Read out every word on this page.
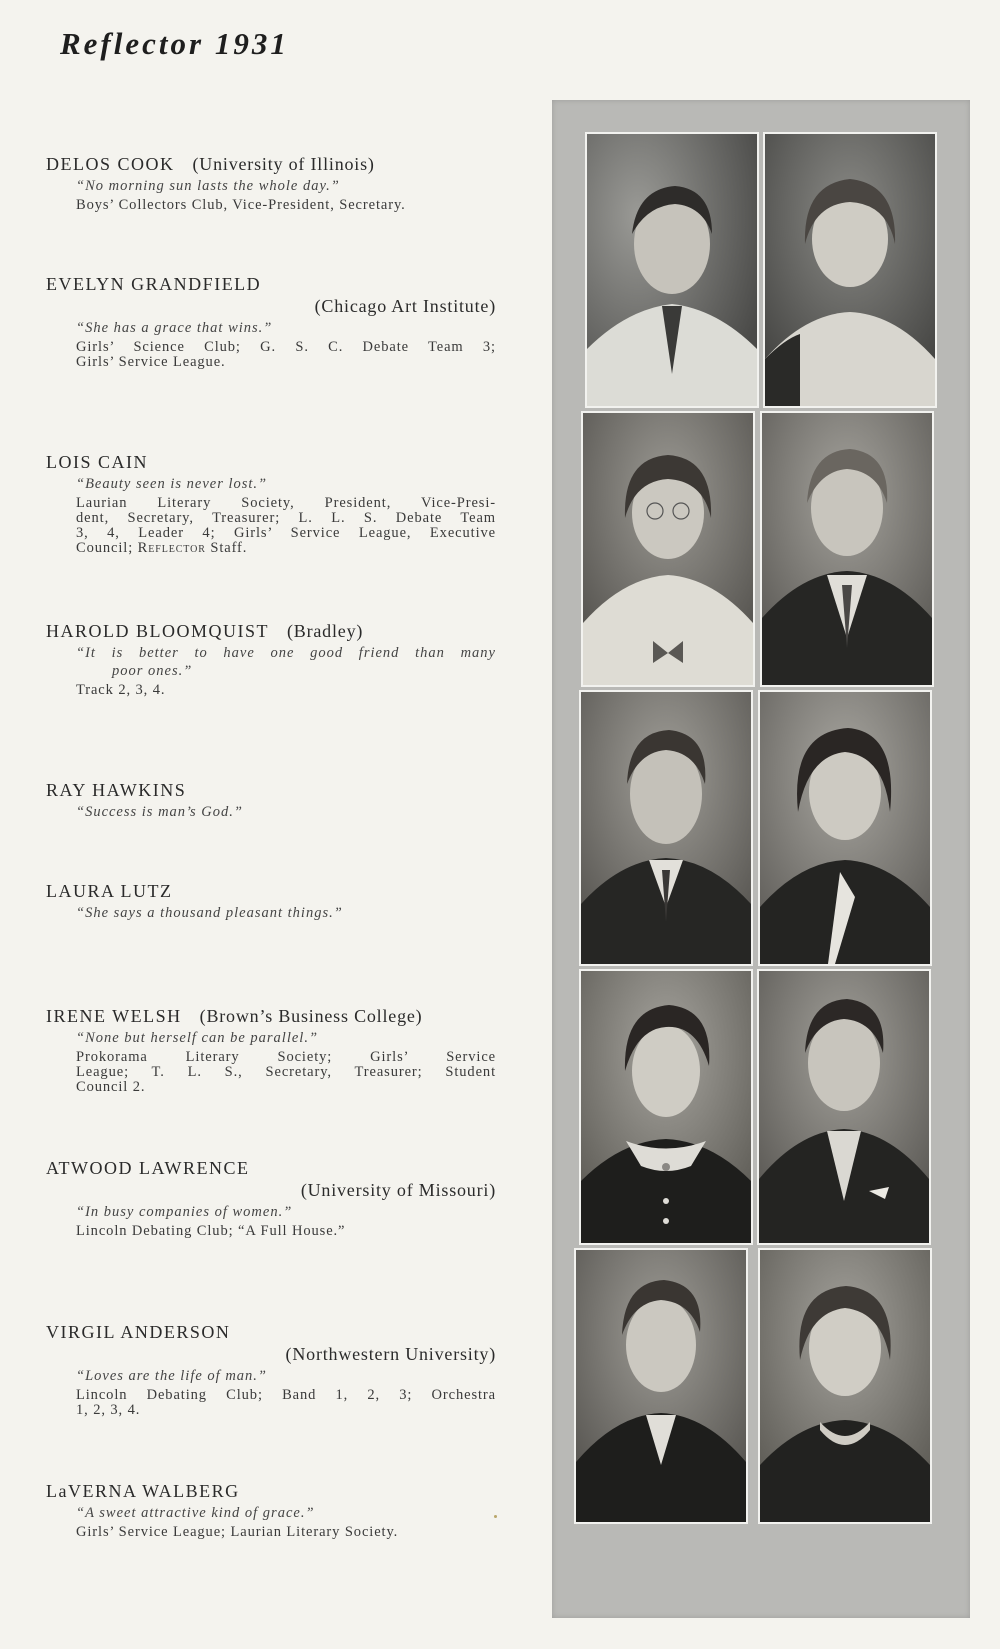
Reflector 1931
DELOS COOK (University of Illinois)
“No morning sun lasts the whole day.”
Boys’ Collectors Club, Vice-President, Secretary.
EVELYN GRANDFIELD
(Chicago Art Institute)
“She has a grace that wins.”
Girls’ Science Club; G. S. C. Debate Team 3;
Girls’ Service League.
LOIS CAIN
“Beauty seen is never lost.”
Laurian Literary Society, President, Vice-Presi-
dent, Secretary, Treasurer; L. L. S. Debate Team
3, 4, Leader 4; Girls’ Service League, Executive
Council; Reflector Staff.
HAROLD BLOOMQUIST (Bradley)
“It is better to have one good friend than many
poor ones.”
Track 2, 3, 4.
RAY HAWKINS
“Success is man’s God.”
LAURA LUTZ
“She says a thousand pleasant things.”
IRENE WELSH (Brown’s Business College)
“None but herself can be parallel.”
Prokorama Literary Society; Girls’ Service
League; T. L. S., Secretary, Treasurer; Student
Council 2.
ATWOOD LAWRENCE
(University of Missouri)
“In busy companies of women.”
Lincoln Debating Club; “A Full House.”
VIRGIL ANDERSON
(Northwestern University)
“Loves are the life of man.”
Lincoln Debating Club; Band 1, 2, 3; Orchestra
1, 2, 3, 4.
LaVERNA WALBERG
“A sweet attractive kind of grace.”
Girls’ Service League; Laurian Literary Society.
